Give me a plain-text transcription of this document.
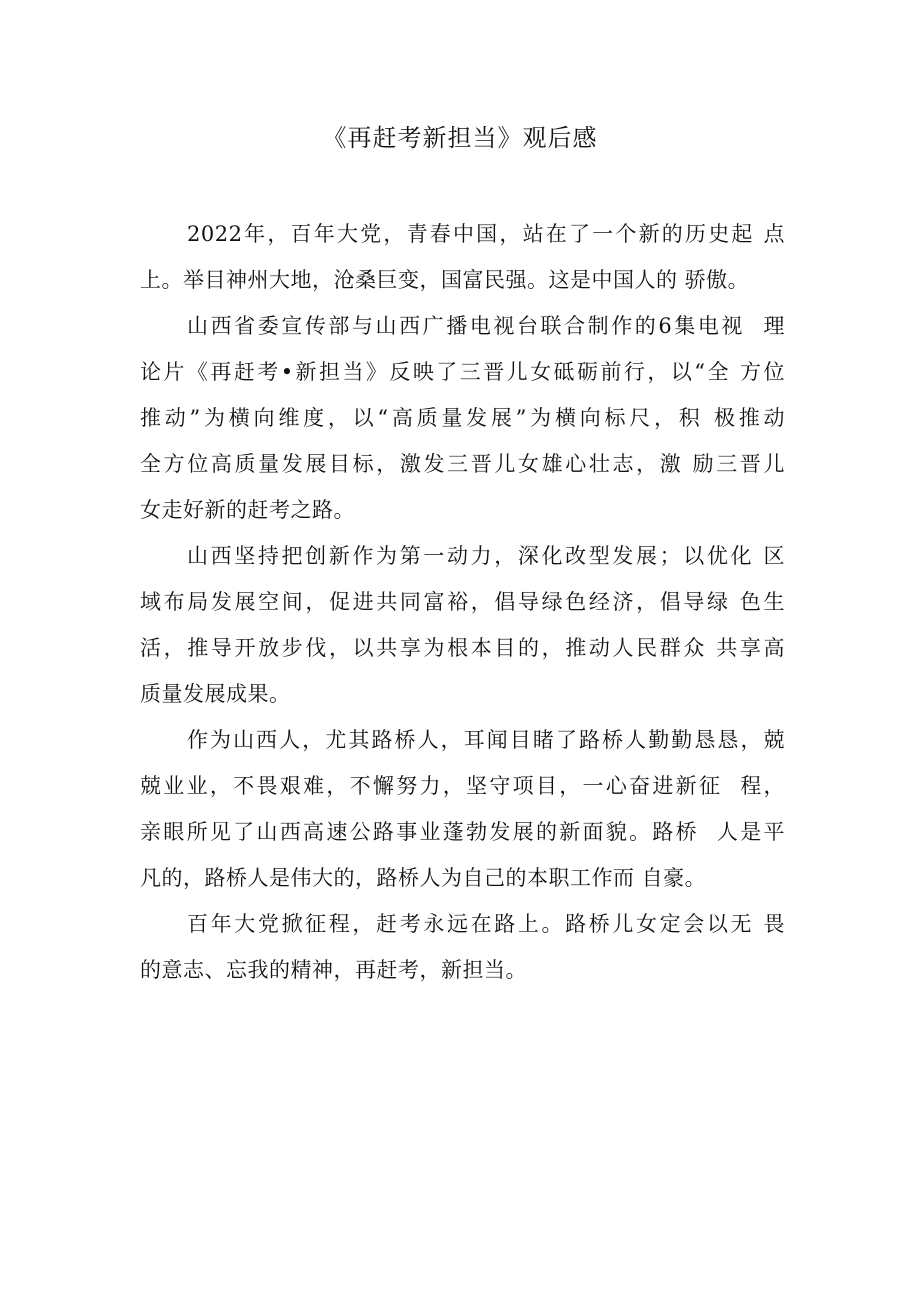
《再赶考新担当》观后感
2022年，百年大党，青春中国，站在了一个新的历史起 点
上。举目神州大地，沧桑巨变，国富民强。这是中国人的 骄傲。
山西省委宣传部与山西广播电视台联合制作的6集电视  理
论片《再赶考•新担当》反映了三晋儿女砥砺前行，以“全 方位
推动”为横向维度，以“高质量发展”为横向标尺，积 极推动
全方位高质量发展目标，激发三晋儿女雄心壮志，激 励三晋儿
女走好新的赶考之路。
山西坚持把创新作为第一动力，深化改型发展；以优化 区
域布局发展空间，促进共同富裕，倡导绿色经济，倡导绿 色生
活，推导开放步伐，以共享为根本目的，推动人民群众 共享高
质量发展成果。
作为山西人，尤其路桥人，耳闻目睹了路桥人勤勤恳恳，兢
兢业业，不畏艰难，不懈努力，坚守项目，一心奋进新征  程，
亲眼所见了山西高速公路事业蓬勃发展的新面貌。路桥  人是平
凡的，路桥人是伟大的，路桥人为自己的本职工作而 自豪。
百年大党掀征程，赶考永远在路上。路桥儿女定会以无 畏
的意志、忘我的精神，再赶考，新担当。
